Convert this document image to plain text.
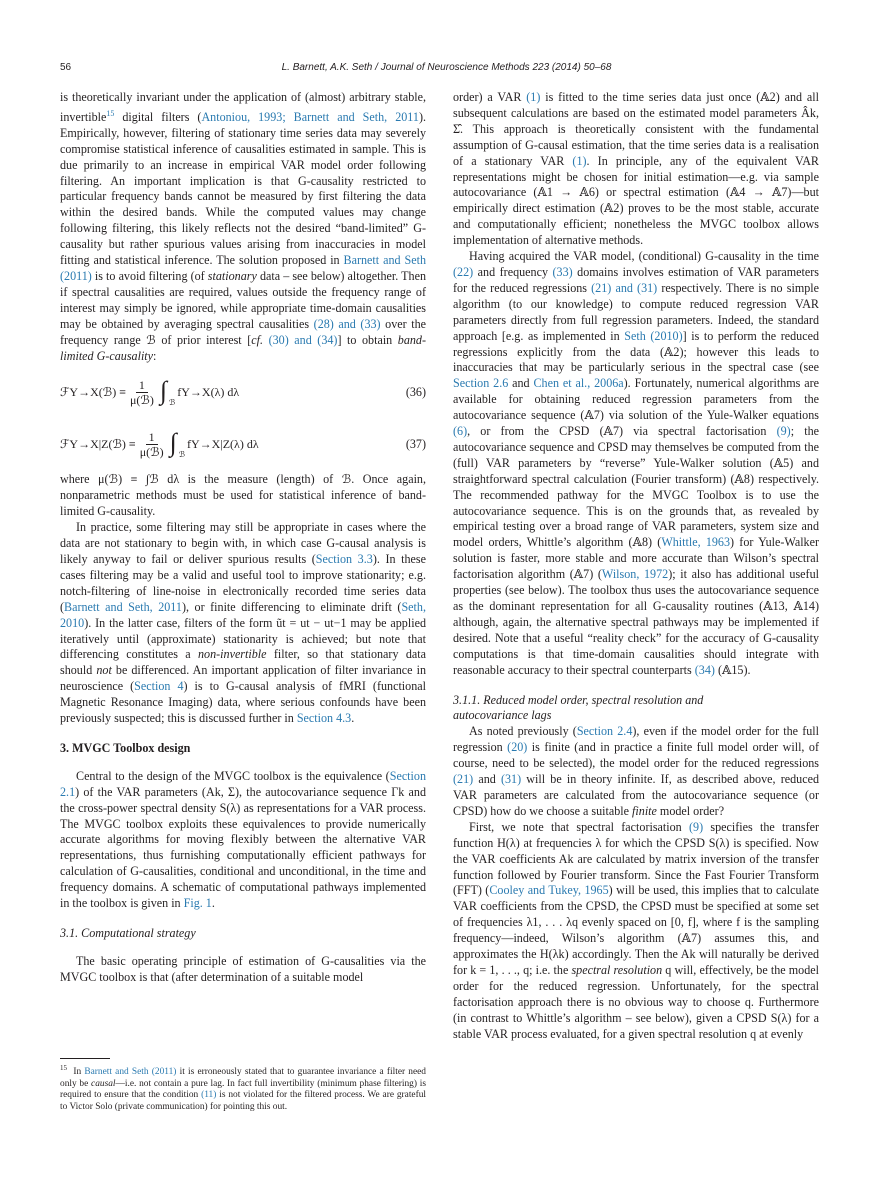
56	L. Barnett, A.K. Seth / Journal of Neuroscience Methods 223 (2014) 50–68

is theoretically invariant under the application of (almost) arbitrary stable, invertible$^{15}$ digital filters (Antoniou, 1993; Barnett and Seth, 2011). Empirically, however, filtering of stationary time series data may severely compromise statistical inference of causalities estimated in sample. This is due primarily to an increase in empirical VAR model order following filtering. An important implication is that G-causality restricted to particular frequency bands cannot be measured by first filtering the data within the desired bands. While the computed values may change following filtering, this likely reflects not the desired “band-limited” G-causality but rather spurious values arising from inaccuracies in model fitting and statistical inference. The solution proposed in Barnett and Seth (2011) is to avoid filtering (of stationary data – see below) altogether. Then if spectral causalities are required, values outside the frequency range of interest may simply be ignored, while appropriate time-domain causalities may be obtained by averaging spectral causalities (28) and (33) over the frequency range ℬ of prior interest [cf. (30) and (34)] to obtain band-limited G-causality:

ℱY→X(ℬ) ≡ $\frac{1}{\text{μ(ℬ)}}$ ∫ ℬ
fY→X(λ) dλ	(36)
ℱY→X|Z(ℬ) ≡ $\frac{1}{\text{μ(ℬ)}}$ ∫ ℬ
fY→X|Z(λ) dλ	(37)

where μ(ℬ) ≡ ∫ℬ dλ is the measure (length) of ℬ. Once again, nonparametric methods must be used for statistical inference of band-limited G-causality.

In practice, some filtering may still be appropriate in cases where the data are not stationary to begin with, in which case G-causal analysis is likely anyway to fail or deliver spurious results (Section 3.3). In these cases filtering may be a valid and useful tool to improve stationarity; e.g. notch-filtering of line-noise in electronically recorded time series data (Barnett and Seth, 2011), or finite differencing to eliminate drift (Seth, 2010). In the latter case, filters of the form ũt = ut − ut−1 may be applied iteratively until (approximate) stationarity is achieved; but note that differencing constitutes a non-invertible filter, so that stationary data should not be differenced. An important application of filter invariance in neuroscience (Section 4) is to G-causal analysis of fMRI (functional Magnetic Resonance Imaging) data, where serious confounds have been previously suspected; this is discussed further in Section 4.3.

3. MVGC Toolbox design

Central to the design of the MVGC toolbox is the equivalence (Section 2.1) of the VAR parameters (Ak, Σ), the autocovariance sequence Γk and the cross-power spectral density S(λ) as representations for a VAR process. The MVGC toolbox exploits these equivalences to provide numerically accurate algorithms for moving flexibly between the alternative VAR representations, thus furnishing computationally efficient pathways for calculation of G-causalities, conditional and unconditional, in the time and frequency domains. A schematic of computational pathways implemented in the toolbox is given in Fig. 1.

3.1. Computational strategy

The basic operating principle of estimation of G-causalities via the MVGC toolbox is that (after determination of a suitable model

$^{15}$ In Barnett and Seth (2011) it is erroneously stated that to guarantee invariance a filter need only be causal—i.e. not contain a pure lag. In fact full invertibility (minimum phase filtering) is required to ensure that the condition (11) is not violated for the filtered process. We are grateful to Victor Solo (private communication) for pointing this out.

order) a VAR (1) is fitted to the time series data just once (𝔸2) and all subsequent calculations are based on the estimated model parameters Âk, Σ̂. This approach is theoretically consistent with the fundamental assumption of G-causal estimation, that the time series data is a realisation of a stationary VAR (1). In principle, any of the equivalent VAR representations might be chosen for initial estimation—e.g. via sample autocovariance (𝔸1 → 𝔸6) or spectral estimation (𝔸4 → 𝔸7)—but empirically direct estimation (𝔸2) proves to be the most stable, accurate and computationally efficient; nonetheless the MVGC toolbox allows implementation of alternative methods.

Having acquired the VAR model, (conditional) G-causality in the time (22) and frequency (33) domains involves estimation of VAR parameters for the reduced regressions (21) and (31) respectively. There is no simple algorithm (to our knowledge) to compute reduced regression VAR parameters directly from full regression parameters. Indeed, the standard approach [e.g. as implemented in Seth (2010)] is to perform the reduced regressions explicitly from the data (𝔸2); however this leads to inaccuracies that may be particularly serious in the spectral case (see Section 2.6 and Chen et al., 2006a). Fortunately, numerical algorithms are available for obtaining reduced regression parameters from the autocovariance sequence (𝔸7) via solution of the Yule-Walker equations (6), or from the CPSD (𝔸7) via spectral factorisation (9); the autocovariance sequence and CPSD may themselves be computed from the (full) VAR parameters by “reverse” Yule-Walker solution (𝔸5) and straightforward spectral calculation (Fourier transform) (𝔸8) respectively. The recommended pathway for the MVGC Toolbox is to use the autocovariance sequence. This is on the grounds that, as revealed by empirical testing over a broad range of VAR parameters, system size and model orders, Whittle’s algorithm (𝔸8) (Whittle, 1963) for Yule-Walker solution is faster, more stable and more accurate than Wilson’s spectral factorisation algorithm (𝔸7) (Wilson, 1972); it also has additional useful properties (see below). The toolbox thus uses the autocovariance sequence as the dominant representation for all G-causality routines (𝔸13, 𝔸14) although, again, the alternative spectral pathways may be implemented if desired. Note that a useful “reality check” for the accuracy of G-causality computations is that time-domain causalities should integrate with reasonable accuracy to their spectral counterparts (34) (𝔸15).

3.1.1. Reduced model order, spectral resolution and
autocovariance lags

As noted previously (Section 2.4), even if the model order for the full regression (20) is finite (and in practice a finite full model order will, of course, need to be selected), the model order for the reduced regressions (21) and (31) will be in theory infinite. If, as described above, reduced VAR parameters are calculated from the autocovariance sequence (or CPSD) how do we choose a suitable finite model order?

First, we note that spectral factorisation (9) specifies the transfer function H(λ) at frequencies λ for which the CPSD S(λ) is specified. Now the VAR coefficients Ak are calculated by matrix inversion of the transfer function followed by Fourier transform. Since the Fast Fourier Transform (FFT) (Cooley and Tukey, 1965) will be used, this implies that to calculate VAR coefficients from the CPSD, the CPSD must be specified at some set of frequencies λ1, . . . λq evenly spaced on [0, f], where f is the sampling frequency—indeed, Wilson’s algorithm (𝔸7) assumes this, and approximates the H(λk) accordingly. Then the Ak will naturally be derived for k = 1, . . ., q; i.e. the spectral resolution q will, effectively, be the model order for the reduced regression. Unfortunately, for the spectral factorisation approach there is no obvious way to choose q. Furthermore (in contrast to Whittle’s algorithm – see below), given a CPSD S(λ) for a stable VAR process evaluated, for a given spectral resolution q at evenly
